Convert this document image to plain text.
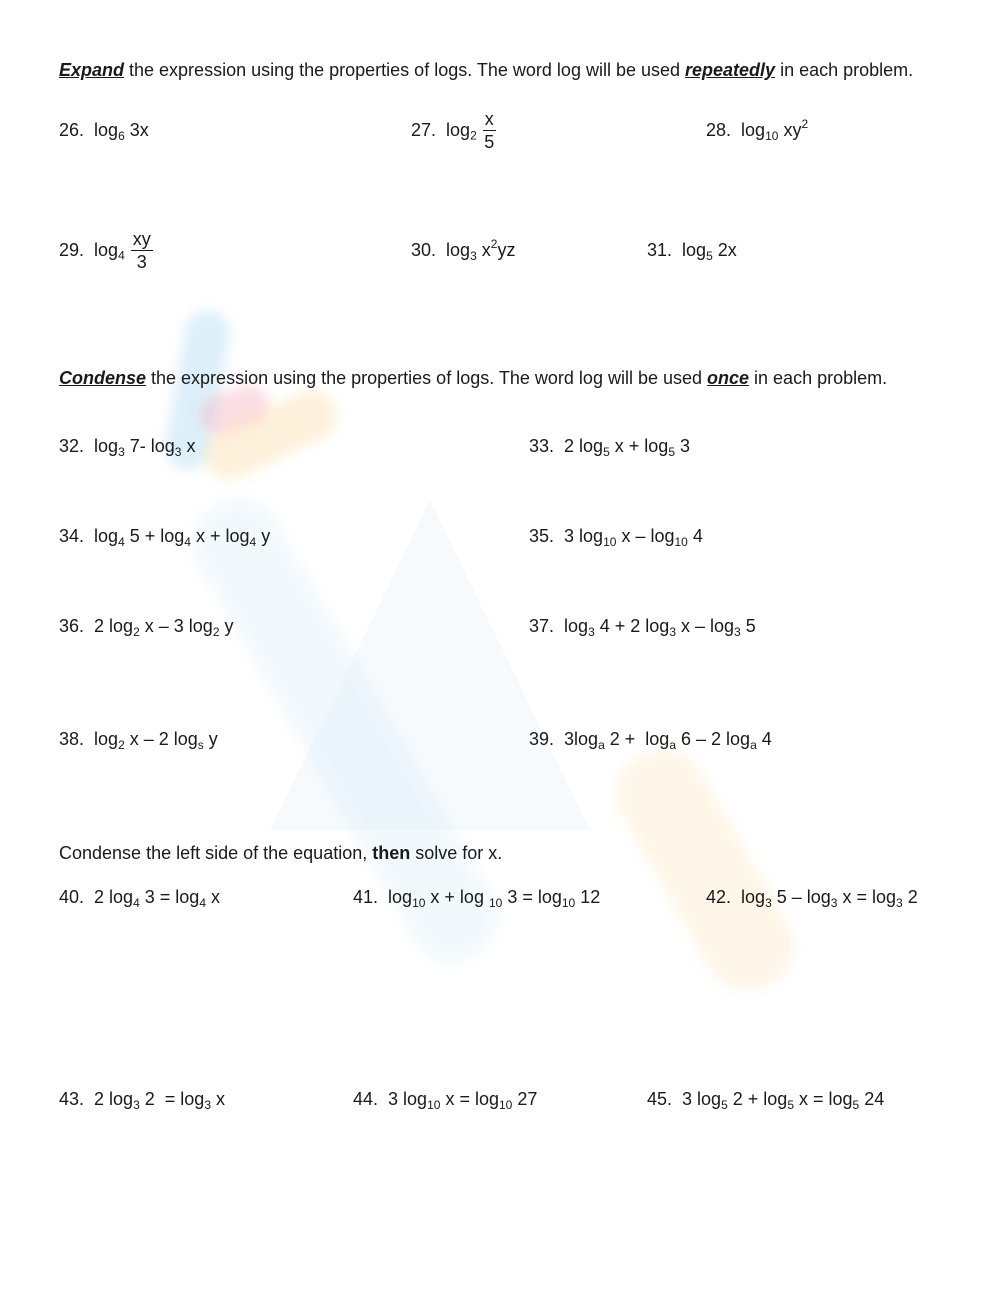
Expand the expression using the properties of logs. The word log will be used repeatedly in each problem.
26. $\log_6 3x$	27. $\log_2 \frac{x}{5}$	28. $\log_{10} xy^2$
29. $\log_4 \frac{xy}{3}$	30. $\log_3 x^2yz$	31. $\log_5 2x$
Condense the expression using the properties of logs. The word log will be used once in each problem.
32.  $\log_3 7-$ $\log_3 x$	33.  2 $\log_5 x + \log_5 3$
34.  $\log_4 5 + \log_4 x + \log_4 y$	35.  3 $\log_{10} x - \log_{10} 4$
36.  2 $\log_2 x - 3$ $\log_2 y$	37.  $\log_3 4 + 2$ $\log_3 x - \log_3 5$
38.  $\log_2 x - 2$ $\log_s y$	39.  $3\log_a$ $2 + \log_a 6 - 2$ $\log_a 4$
Condense the left side of the equation, then solve for x.
40.  2 $\log_4 3 = \log_4 x$	41.  $\log_{10} x + \log _{10}$ $3 = \log_{10} 12$	42.  $\log_3 5 - \log_3 x = \log_3 2$
43.  2 $\log_3 2 = \log_3 x$	44.  3 $\log_{10} x = \log_{10} 27$	45.  3 $\log_5 2 + \log_5 x = \log_5 24$
